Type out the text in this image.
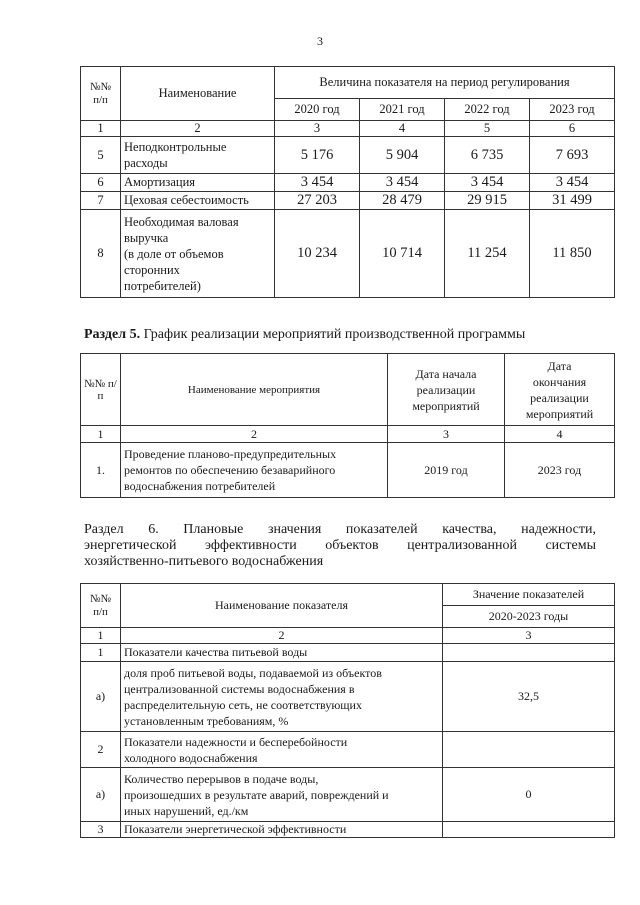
3
№№
п/п	Наименование	Величина показателя на период регулирования			
		2020 год	2021 год	2022 год	2023 год
1	2	3	4	5	6
5	Неподконтрольные
расходы	5 176	5 904	6 735	7 693
6	Амортизация	3 454	3 454	3 454	3 454
7	Цеховая себестоимость	27 203	28 479	29 915	31 499
8	Необходимая валовая
выручка
(в доле от объемов
сторонних
потребителей)	10 234	10 714	11 254	11 850
Раздел 5. График реализации мероприятий производственной программы
№№ п/п	Наименование мероприятия	Дата начала
реализации
мероприятий	Дата
окончания
реализации
мероприятий
1	2	3	4
1.	Проведение планово-предупредительных
ремонтов по обеспечению безаварийного
водоснабжения потребителей	2019 год	2023 год
Раздел 6. Плановые значения показателей качества, надежности,
энергетической эффективности объектов централизованной системы
хозяйственно-питьевого водоснабжения
№№
п/п	Наименование показателя	Значение показателей
		2020-2023 годы
1	2	3
1	Показатели качества питьевой воды	
а)	доля проб питьевой воды, подаваемой из объектов
централизованной системы водоснабжения в
распределительную сеть, не соответствующих
установленным требованиям, %	32,5
2	Показатели надежности и бесперебойности
холодного водоснабжения	
а)	Количество перерывов в подаче воды,
произошедших в результате аварий, повреждений и
иных нарушений, ед./км	0
3	Показатели энергетической эффективности	
